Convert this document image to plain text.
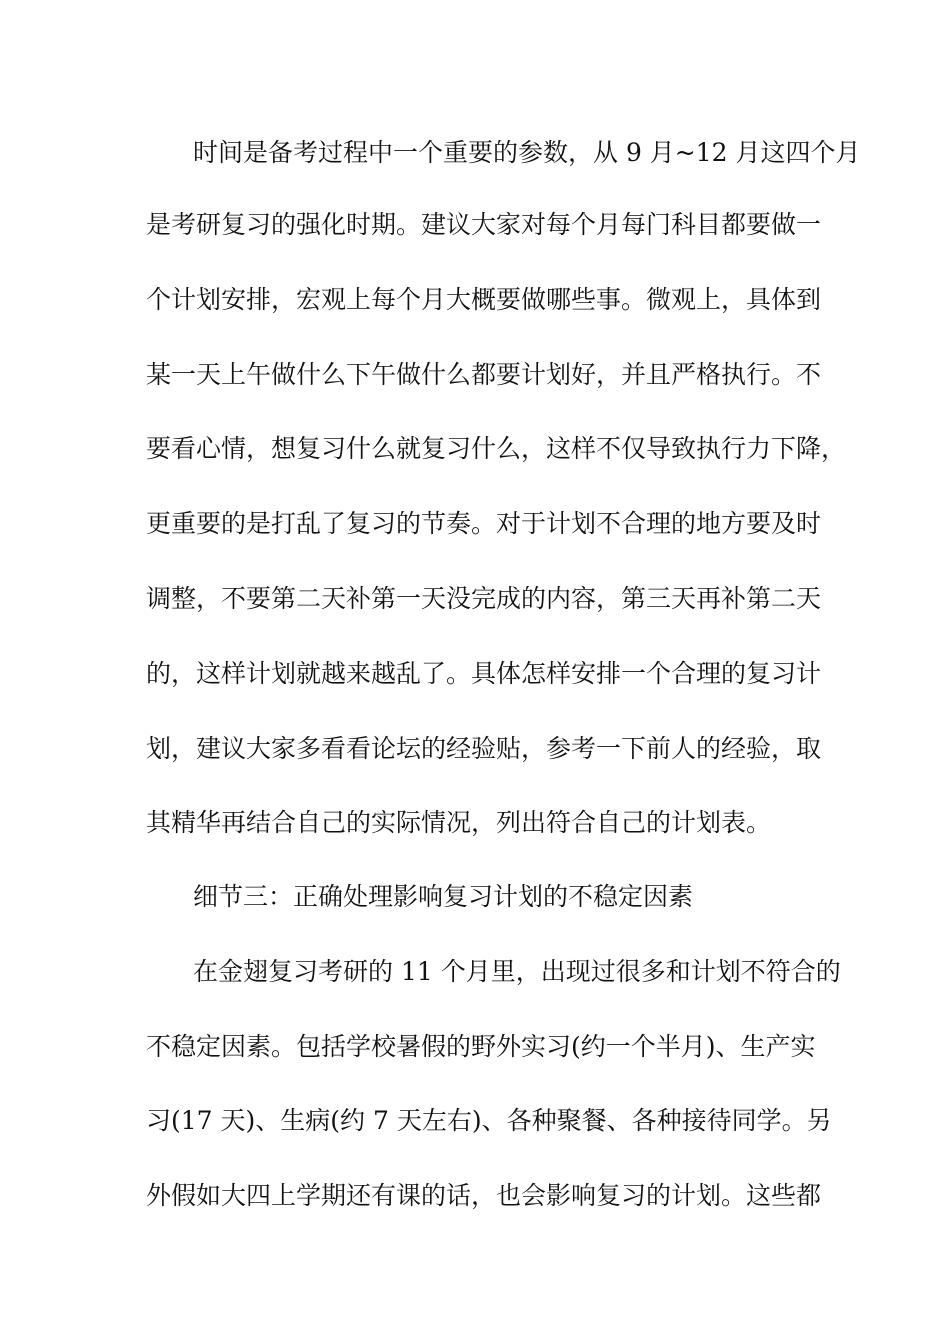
时间是备考过程中一个重要的参数，从 9 月~12 月这四个月
是考研复习的强化时期。建议大家对每个月每门科目都要做一
个计划安排，宏观上每个月大概要做哪些事。微观上，具体到
某一天上午做什么下午做什么都要计划好，并且严格执行。不
要看心情，想复习什么就复习什么，这样不仅导致执行力下降，
更重要的是打乱了复习的节奏。对于计划不合理的地方要及时
调整，不要第二天补第一天没完成的内容，第三天再补第二天
的，这样计划就越来越乱了。具体怎样安排一个合理的复习计
划，建议大家多看看论坛的经验贴，参考一下前人的经验，取
其精华再结合自己的实际情况，列出符合自己的计划表。
细节三：正确处理影响复习计划的不稳定因素
在金翅复习考研的 11 个月里，出现过很多和计划不符合的
不稳定因素。包括学校暑假的野外实习(约一个半月)、生产实
习(17 天)、生病(约 7 天左右)、各种聚餐、各种接待同学。另
外假如大四上学期还有课的话，也会影响复习的计划。这些都
